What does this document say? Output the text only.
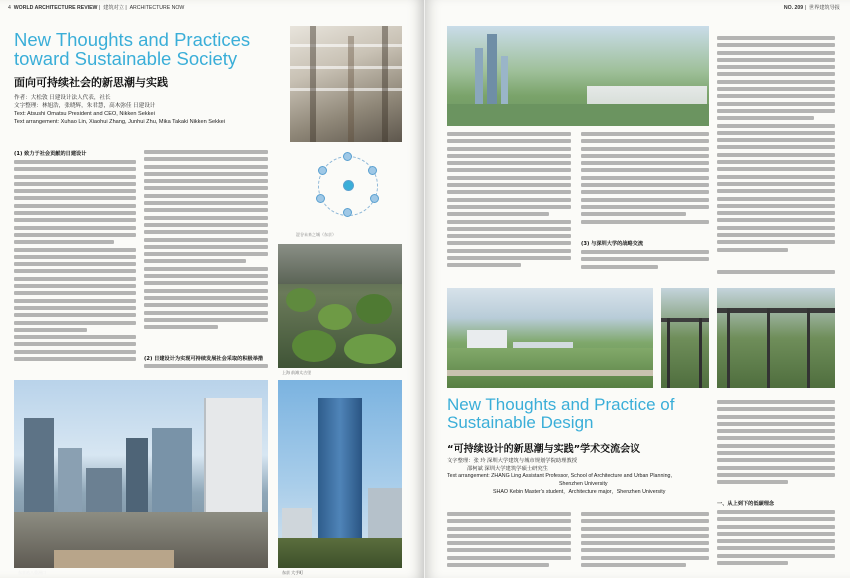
4 WORLD ARCHITECTURE REVIEW |  建筑对立 |  ARCHITECTURE NOW
New Thoughts and Practices
toward Sustainable Society
面向可持续社会的新思潮与实践
作者：大松敦 日建设计法人代表，社长
文字整理：林旭浩，张晓辉，朱君慧，高木弥佳 日建设计
Text: Atsushi Omatsu President and CEO, Nikken Sekkei
Text arrangement: Xuhao Lin, Xiaohui Zhang, Junhui Zhu, Mika Takaki Nikken Sekkei
(1) 致力于社会贡献的日建设计
(2) 日建设计为实现可持续发展社会采取的积极举措
上海 前滩太古里
东京站八重洲口	东京 大手町
涩谷未来之城（东京）
NO. 209 |  世界建筑导报
(3) 与深圳大学的战略交流
New Thoughts and Practice of
Sustainable Design
“可持续设计的新思潮与实践”学术交流会议
文字整理：张 玲 深圳大学建筑与城市规划学院助理教授
邵柯斌 深圳大学建筑学硕士研究生
Text arrangement: ZHANG Ling Assistant Professor, School of Architecture and Urban Planning,
Shenzhen University
SHAO Kebin Master's student，Architecture major，Shenzhen University
一、从上到下的低碳理念
